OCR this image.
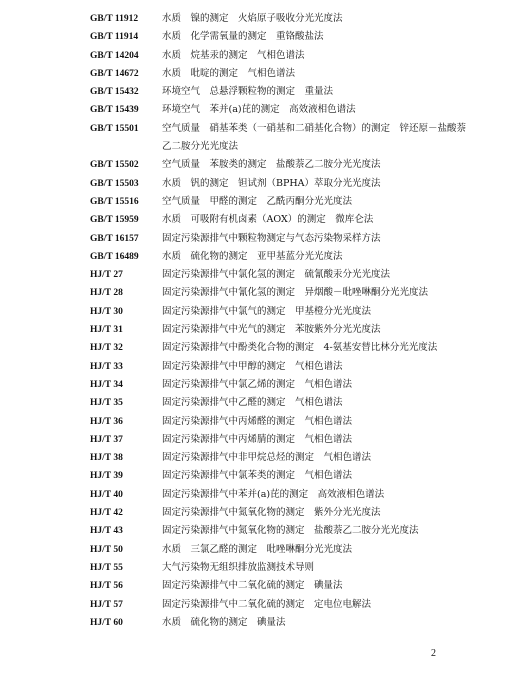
GB/T 11912	水质　镍的测定　火焰原子吸收分光光度法
GB/T 11914	水质　化学需氧量的测定　重铬酸盐法
GB/T 14204	水质　烷基汞的测定　气相色谱法
GB/T 14672	水质　吡啶的测定　气相色谱法
GB/T 15432	环境空气　总悬浮颗粒物的测定　重量法
GB/T 15439	环境空气　苯并(a)芘的测定　高效液相色谱法
GB/T 15501	空气质量　硝基苯类（一硝基和二硝基化合物）的测定　锌还原－盐酸萘乙二胺分光光度法
GB/T 15502	空气质量　苯胺类的测定　盐酸萘乙二胺分光光度法
GB/T 15503	水质　钒的测定　钽试剂（BPHA）萃取分光光度法
GB/T 15516	空气质量　甲醛的测定　乙酰丙酮分光光度法
GB/T 15959	水质　可吸附有机卤素（AOX）的测定　微库仑法
GB/T 16157	固定污染源排气中颗粒物测定与气态污染物采样方法
GB/T 16489	水质　硫化物的测定　亚甲基蓝分光光度法
HJ/T 27	固定污染源排气中氯化氢的测定　硫氰酸汞分光光度法
HJ/T 28	固定污染源排气中氰化氢的测定　异烟酸－吡唑啉酮分光光度法
HJ/T 30	固定污染源排气中氯气的测定　甲基橙分光光度法
HJ/T 31	固定污染源排气中光气的测定　苯胺紫外分光光度法
HJ/T 32	固定污染源排气中酚类化合物的测定　4-氨基安替比林分光光度法
HJ/T 33	固定污染源排气中甲醇的测定　气相色谱法
HJ/T 34	固定污染源排气中氯乙烯的测定　气相色谱法
HJ/T 35	固定污染源排气中乙醛的测定　气相色谱法
HJ/T 36	固定污染源排气中丙烯醛的测定　气相色谱法
HJ/T 37	固定污染源排气中丙烯腈的测定　气相色谱法
HJ/T 38	固定污染源排气中非甲烷总烃的测定　气相色谱法
HJ/T 39	固定污染源排气中氯苯类的测定　气相色谱法
HJ/T 40	固定污染源排气中苯并(a)芘的测定　高效液相色谱法
HJ/T 42	固定污染源排气中氮氧化物的测定　紫外分光光度法
HJ/T 43	固定污染源排气中氮氧化物的测定　盐酸萘乙二胺分光光度法
HJ/T 50	水质　三氯乙醛的测定　吡唑啉酮分光光度法
HJ/T 55	大气污染物无组织排放监测技术导则
HJ/T 56	固定污染源排气中二氧化硫的测定　碘量法
HJ/T 57	固定污染源排气中二氧化硫的测定　定电位电解法
HJ/T 60	水质　硫化物的测定　碘量法
2
